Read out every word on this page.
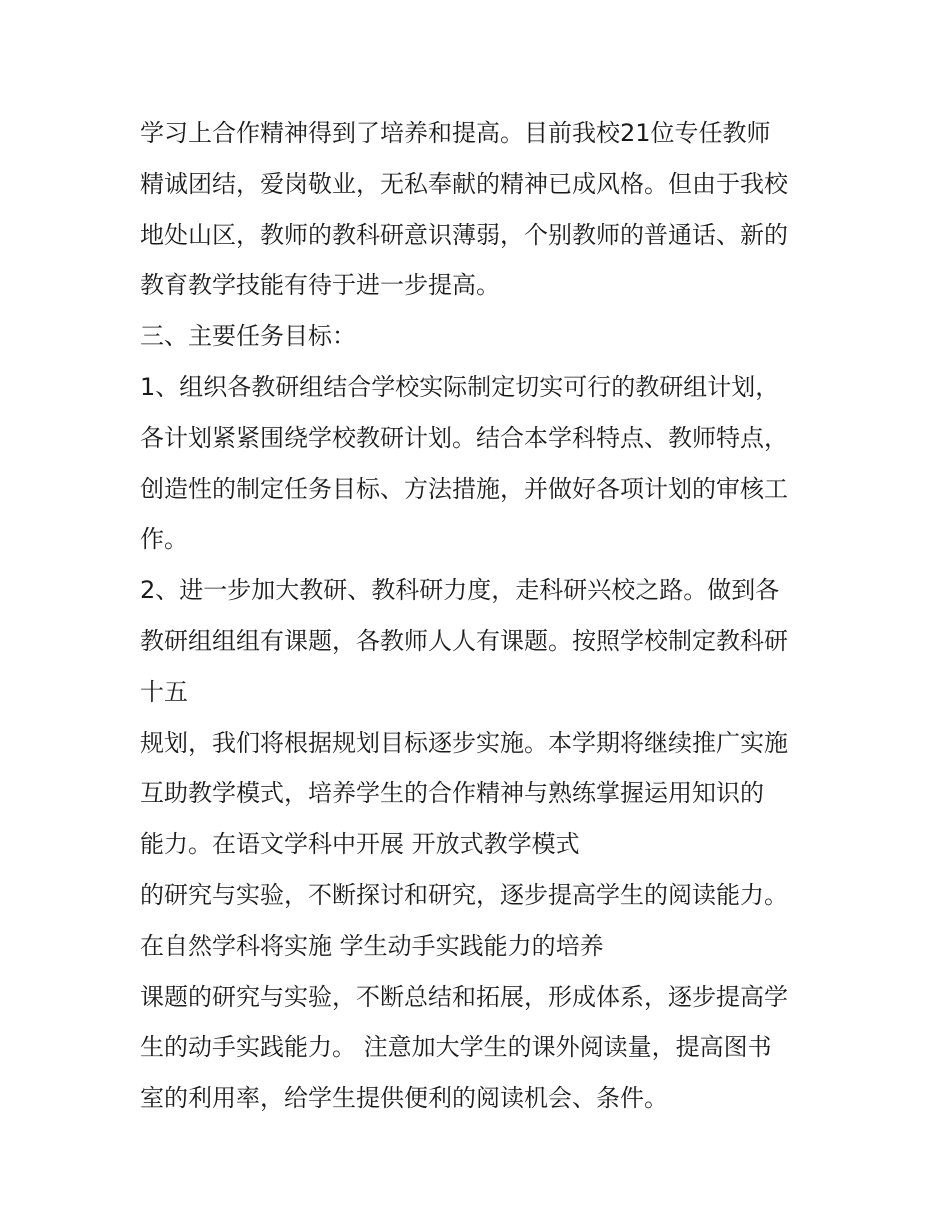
学习上合作精神得到了培养和提高。目前我校21位专任教师
精诚团结，爱岗敬业，无私奉献的精神已成风格。但由于我校
地处山区，教师的教科研意识薄弱，个别教师的普通话、新的
教育教学技能有待于进一步提高。
三、主要任务目标：
1、组织各教研组结合学校实际制定切实可行的教研组计划，
各计划紧紧围绕学校教研计划。结合本学科特点、教师特点，
创造性的制定任务目标、方法措施，并做好各项计划的审核工
作。
2、进一步加大教研、教科研力度，走科研兴校之路。做到各
教研组组组有课题，各教师人人有课题。按照学校制定教科研
十五
规划，我们将根据规划目标逐步实施。本学期将继续推广实施
互助教学模式，培养学生的合作精神与熟练掌握运用知识的
能力。在语文学科中开展 开放式教学模式
的研究与实验，不断探讨和研究，逐步提高学生的阅读能力。
在自然学科将实施 学生动手实践能力的培养
课题的研究与实验，不断总结和拓展，形成体系，逐步提高学
生的动手实践能力。 注意加大学生的课外阅读量，提高图书
室的利用率，给学生提供便利的阅读机会、条件。
